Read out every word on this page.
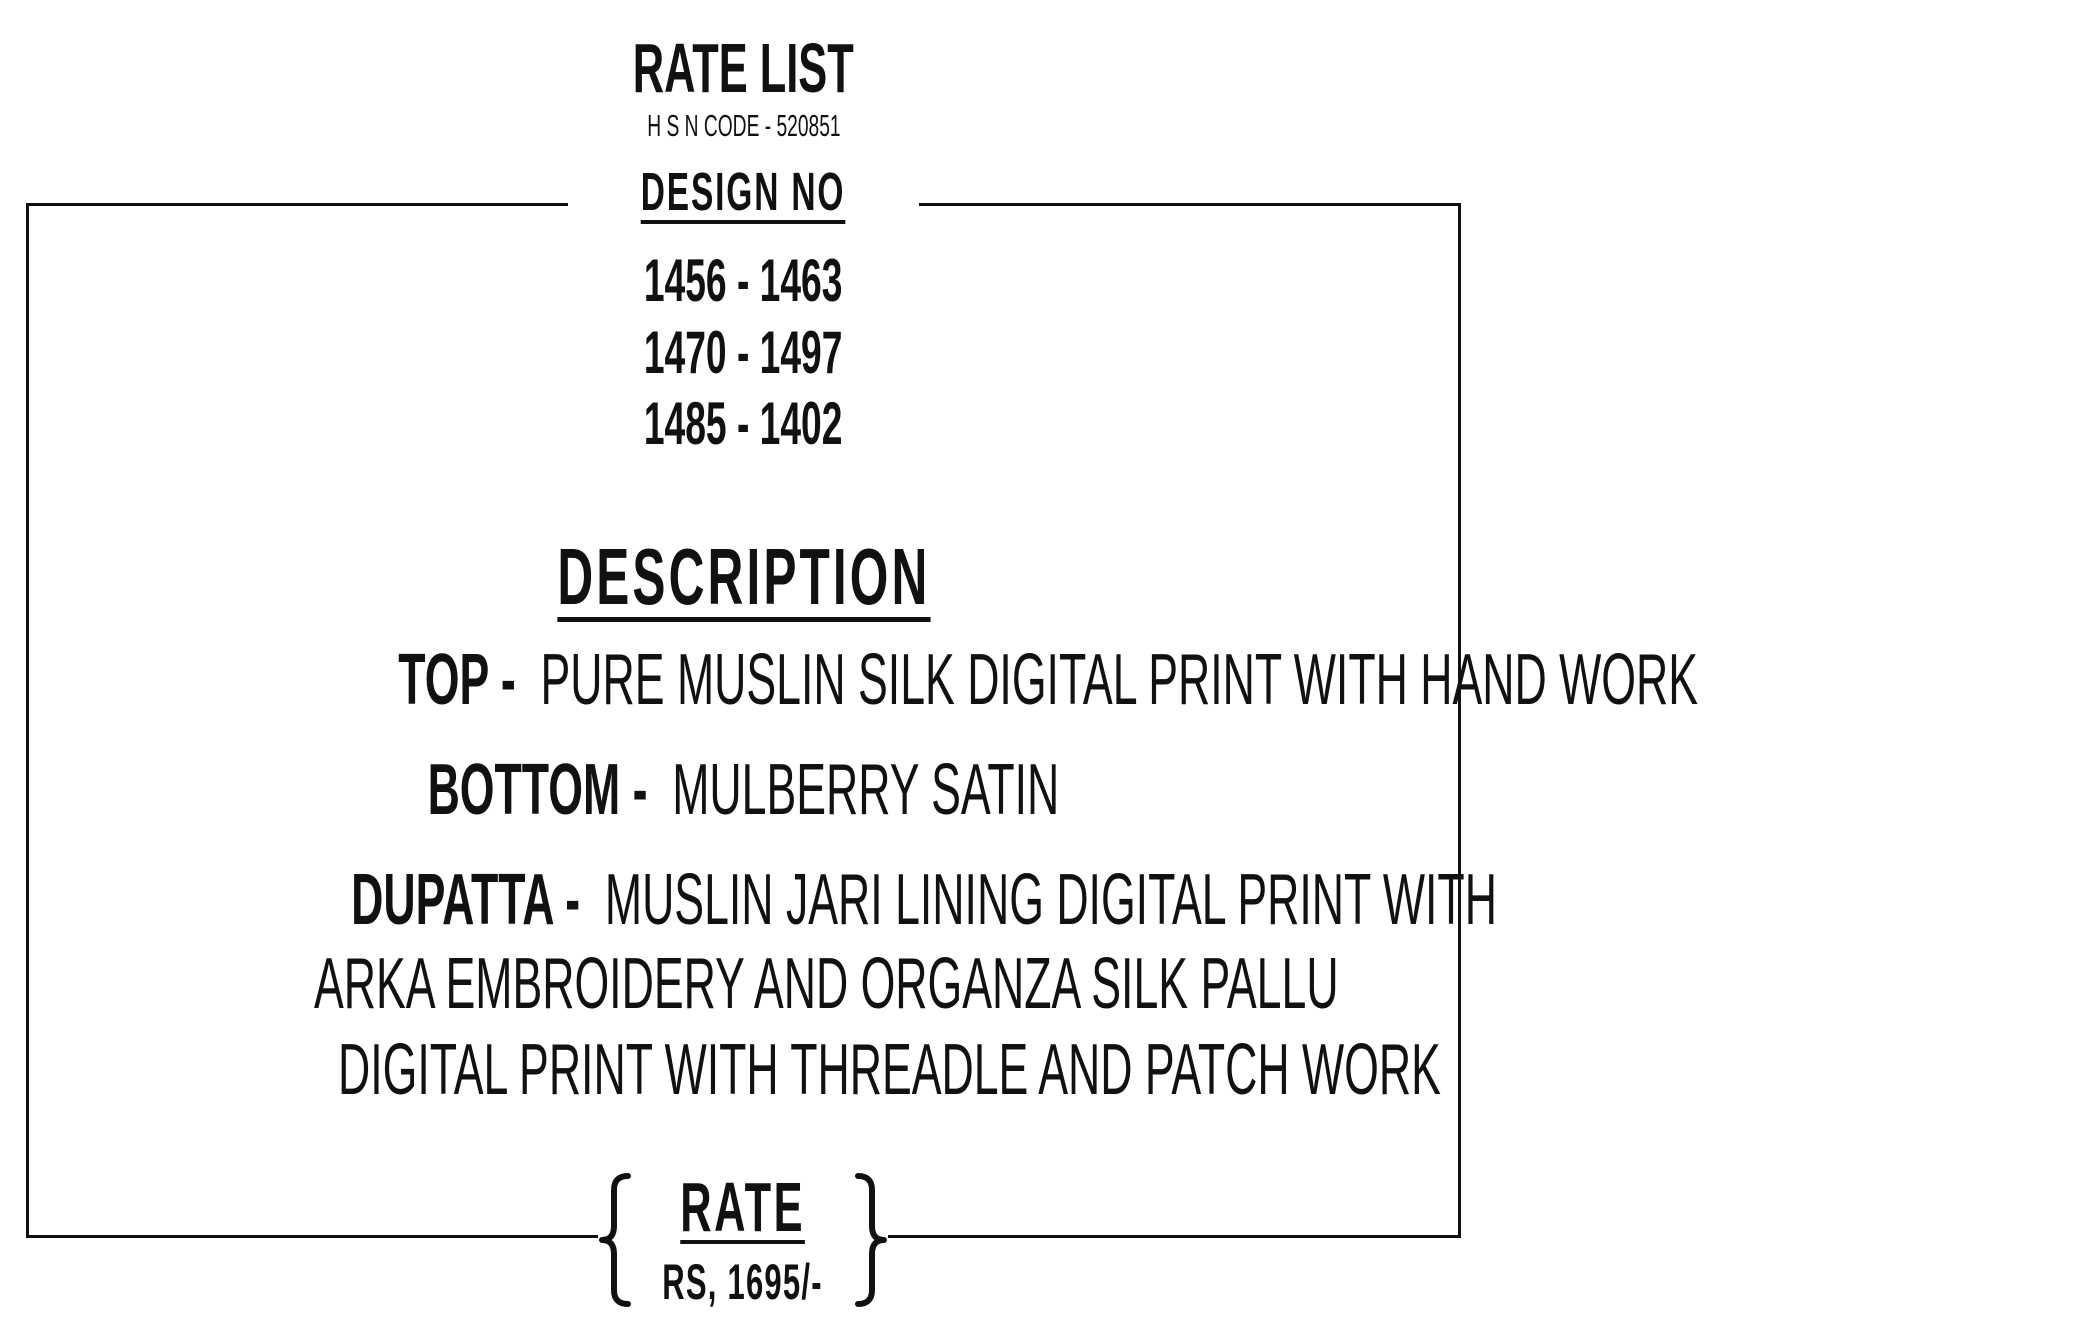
RATE LIST
H S N CODE - 520851
DESIGN NO
1456 - 1463
1470 - 1497
1485 - 1402
DESCRIPTION
TOP - PURE MUSLIN SILK DIGITAL PRINT WITH HAND WORK
BOTTOM - MULBERRY SATIN
DUPATTA - MUSLIN JARI LINING DIGITAL PRINT WITH
ARKA EMBROIDERY AND ORGANZA SILK PALLU
DIGITAL PRINT WITH THREADLE AND PATCH WORK
RATE
RS, 1695/-
